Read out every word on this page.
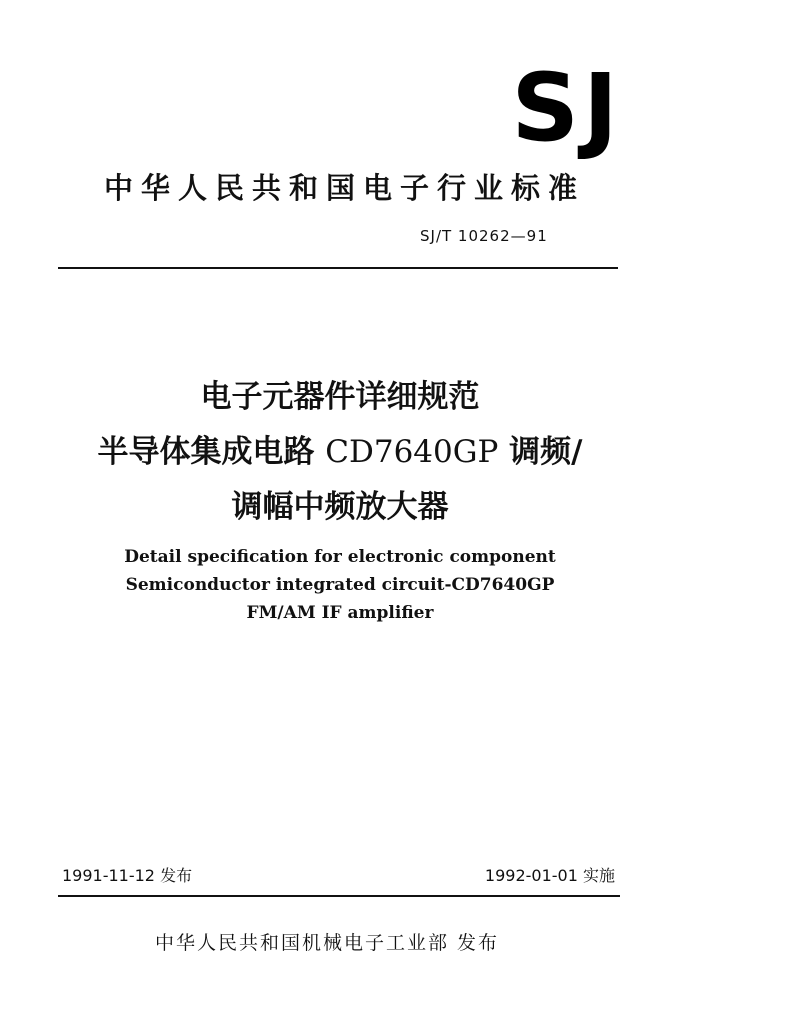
SJ
中华人民共和国电子行业标准
SJ/T 10262—91
电子元器件详细规范
半导体集成电路 CD7640GP 调频/
调幅中频放大器
Detail specification for electronic component
Semiconductor integrated circuit-CD7640GP
FM/AM IF amplifier
1991-11-12 发布	1992-01-01 实施
中华人民共和国机械电子工业部 发布
